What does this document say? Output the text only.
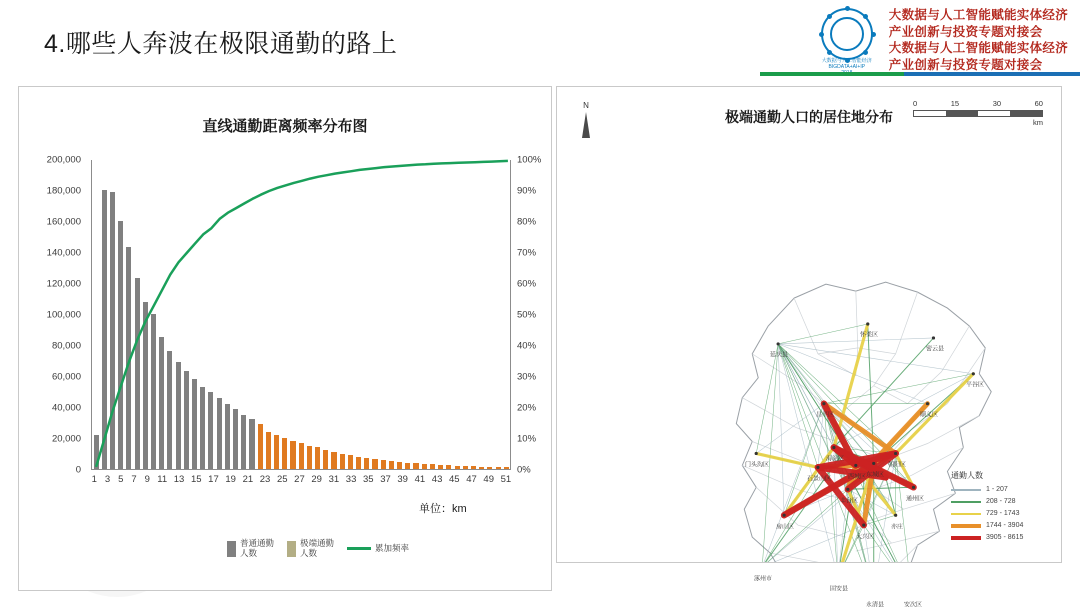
4.哪些人奔波在极限通勤的路上
大数据与人工智能经济
BIGDATA+AI+IP

大数据与人工智能赋能实体经济
产业创新与投资专题对接会
大数据与人工智能赋能实体经济
产业创新与投资专题对接会
直线通勤距离频率分布图
0
20,000
40,000
60,000
80,000
100,000
120,000
140,000
160,000
180,000
200,000
0%
10%
20%
30%
40%
50%
60%
70%
80%
90%
100%
1 3 5 7 9 11 13 15 17 19 21 23 25 27 29 31 33 35 37 39 41 43 45 47 49 51
单位：km
普通通勤人数
极端通勤人数	累加频率
极端通勤人口的居住地分布
N	0	15	30	60
km
延庆县
怀柔区
密云县
昌平区	顺义区
门头沟区
海淀区
西城区 东城区
朝阳区
平谷区
石景山区
丰台区	通州区
房山区
大兴区
亦庄
涿州市
固安县
永清县	安次区
通勤人数
1 - 207
208 - 728
729 - 1743
1744 - 3904
3905 - 8615
